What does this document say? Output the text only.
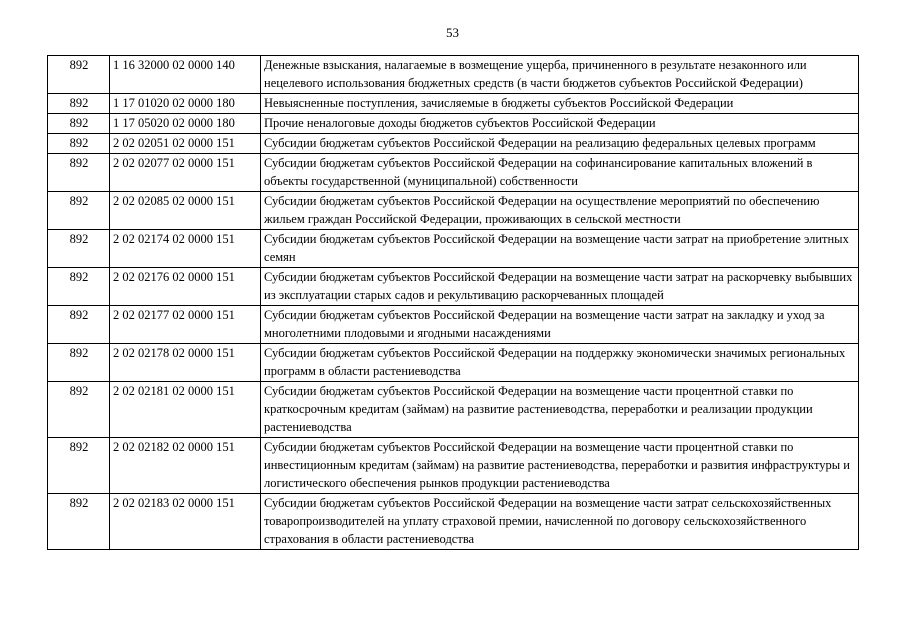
53
892	1 16 32000 02 0000 140	Денежные взыскания, налагаемые в возмещение ущерба, причиненного в результате незаконного или нецелевого использования бюджетных средств (в части бюджетов субъектов Российской Федерации)
892	1 17 01020 02 0000 180	Невыясненные поступления, зачисляемые в бюджеты субъектов Российской Федерации
892	1 17 05020 02 0000 180	Прочие неналоговые доходы бюджетов субъектов Российской Федерации
892	2 02 02051 02 0000 151	Субсидии бюджетам субъектов Российской Федерации на реализацию федеральных целевых программ
892	2 02 02077 02 0000 151	Субсидии бюджетам субъектов Российской Федерации на софинансирование капитальных вложений в объекты государственной (муниципальной) собственности
892	2 02 02085 02 0000 151	Субсидии бюджетам субъектов Российской Федерации на осуществление мероприятий по обеспечению жильем граждан Российской Федерации, проживающих в сельской местности
892	2 02 02174 02 0000 151	Субсидии бюджетам субъектов Российской Федерации на возмещение части затрат на приобретение элитных семян
892	2 02 02176 02 0000 151	Субсидии бюджетам субъектов Российской Федерации на возмещение части затрат на раскорчевку выбывших из эксплуатации старых садов и рекультивацию раскорчеванных площадей
892	2 02 02177 02 0000 151	Субсидии бюджетам субъектов Российской Федерации на возмещение части затрат на закладку и уход за многолетними плодовыми и ягодными насаждениями
892	2 02 02178 02 0000 151	Субсидии бюджетам субъектов Российской Федерации на поддержку экономически значимых региональных программ в области растениеводства
892	2 02 02181 02 0000 151	Субсидии бюджетам субъектов Российской Федерации на возмещение части процентной ставки по краткосрочным кредитам (займам) на развитие растениеводства, переработки и реализации продукции растениеводства
892	2 02 02182 02 0000 151	Субсидии бюджетам субъектов Российской Федерации на возмещение части процентной ставки по инвестиционным кредитам (займам) на развитие растениеводства, переработки и развития инфраструктуры и логистического обеспечения рынков продукции растениеводства
892	2 02 02183 02 0000 151	Субсидии бюджетам субъектов Российской Федерации на возмещение части затрат сельскохозяйственных товаропроизводителей на уплату страховой премии, начисленной по договору сельскохозяйственного страхования в области растениеводства
